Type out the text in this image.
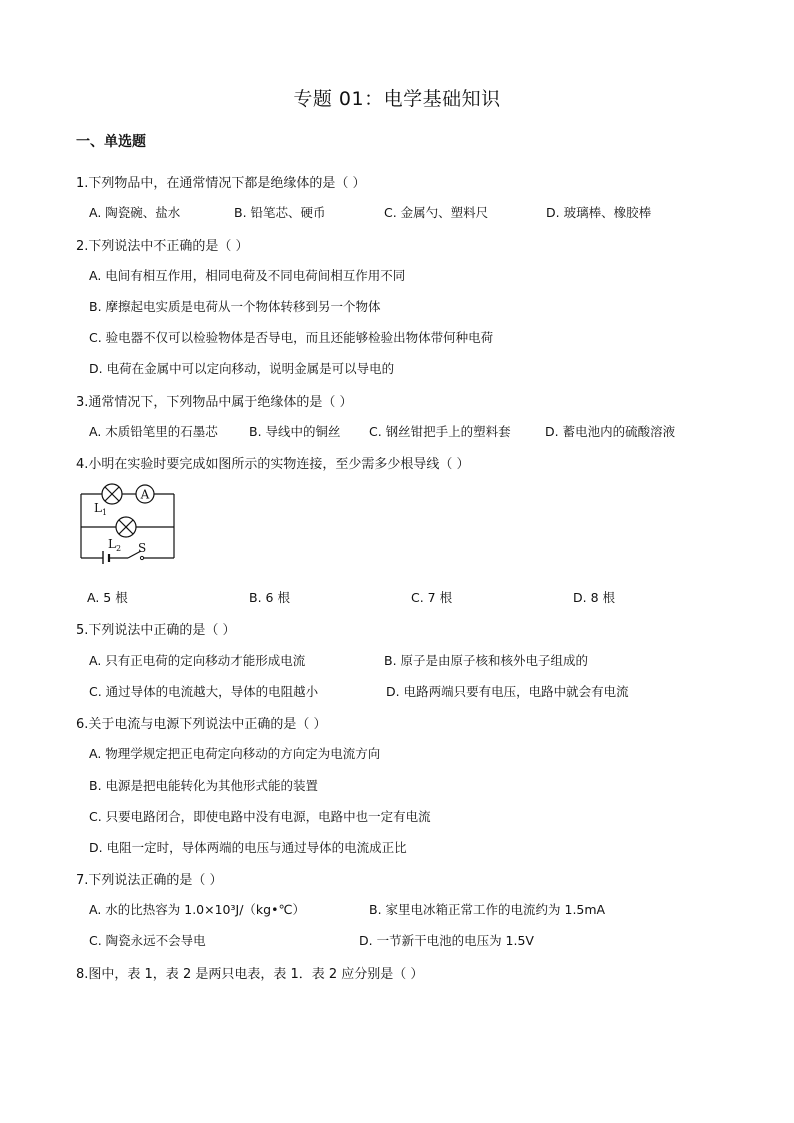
专题 01：电学基础知识
一、单选题
1.下列物品中，在通常情况下都是绝缘体的是（ ）
A. 陶瓷碗、盐水	B. 铅笔芯、硬币	C. 金属勺、塑料尺	D. 玻璃棒、橡胶棒
2.下列说法中不正确的是（ ）
A. 电间有相互作用，相同电荷及不同电荷间相互作用不同
B. 摩擦起电实质是电荷从一个物体转移到另一个物体
C. 验电器不仅可以检验物体是否导电，而且还能够检验出物体带何种电荷
D. 电荷在金属中可以定向移动，说明金属是可以导电的
3.通常情况下，下列物品中属于绝缘体的是（ ）
A. 木质铅笔里的石墨芯 B. 导线中的铜丝 C. 钢丝钳把手上的塑料套	D. 蓄电池内的硫酸溶液
4.小明在实验时要完成如图所示的实物连接，至少需多少根导线（ ）
A
$L_1$
$L_2$ S
A. 5 根	B. 6 根	C. 7 根	D. 8 根
5.下列说法中正确的是（ ）
A. 只有正电荷的定向移动才能形成电流	B. 原子是由原子核和核外电子组成的
C. 通过导体的电流越大，导体的电阻越小	D. 电路两端只要有电压，电路中就会有电流
6.关于电流与电源下列说法中正确的是（ ）
A. 物理学规定把正电荷定向移动的方向定为电流方向
B. 电源是把电能转化为其他形式能的装置
C. 只要电路闭合，即使电路中没有电源，电路中也一定有电流
D. 电阻一定时，导体两端的电压与通过导体的电流成正比
7.下列说法正确的是（ ）
A. 水的比热容为 1.0×10³J/（kg•℃）	B. 家里电冰箱正常工作的电流约为 1.5mA
C. 陶瓷永远不会导电	D. 一节新干电池的电压为 1.5V
8.图中，表 1，表 2 是两只电表，表 1．表 2 应分别是（ ）
